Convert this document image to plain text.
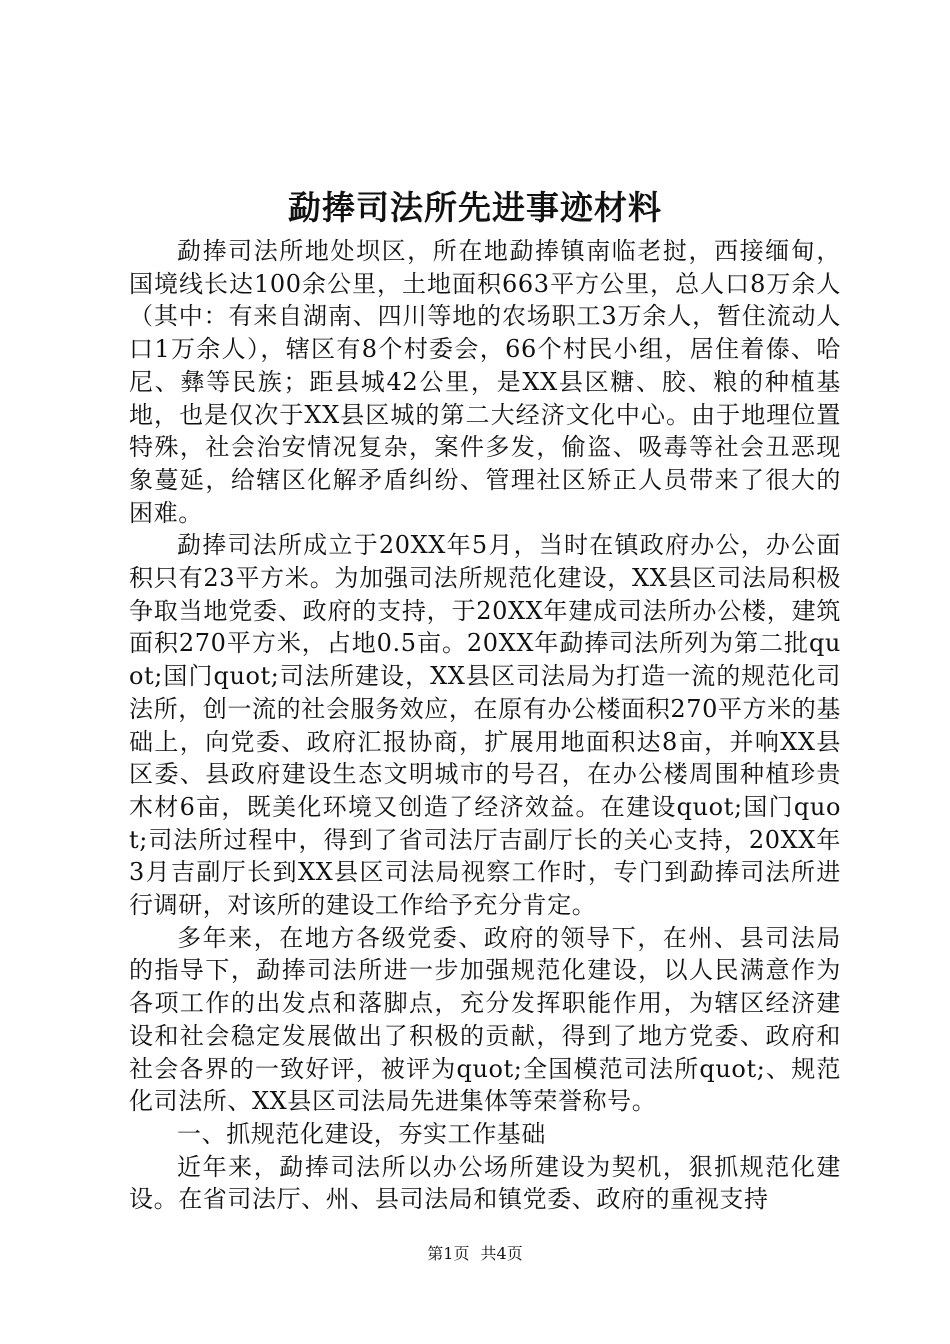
勐捧司法所先进事迹材料

勐捧司法所地处坝区，所在地勐捧镇南临老挝，西接缅甸，国境线长达100余公里，土地面积663平方公里，总人口8万余人（其中：有来自湖南、四川等地的农场职工3万余人，暂住流动人口1万余人），辖区有8个村委会，66个村民小组，居住着傣、哈尼、彝等民族；距县城42公里，是XX县区糖、胶、粮的种植基地，也是仅次于XX县区城的第二大经济文化中心。由于地理位置特殊，社会治安情况复杂，案件多发，偷盗、吸毒等社会丑恶现象蔓延，给辖区化解矛盾纠纷、管理社区矫正人员带来了很大的困难。

勐捧司法所成立于20XX年5月，当时在镇政府办公，办公面积只有23平方米。为加强司法所规范化建设，XX县区司法局积极争取当地党委、政府的支持，于20XX年建成司法所办公楼，建筑面积270平方米，占地0.5亩。20XX年勐捧司法所列为第二批quot;国门quot;司法所建设，XX县区司法局为打造一流的规范化司法所，创一流的社会服务效应，在原有办公楼面积270平方米的基础上，向党委、政府汇报协商，扩展用地面积达8亩，并响XX县区委、县政府建设生态文明城市的号召，在办公楼周围种植珍贵木材6亩，既美化环境又创造了经济效益。在建设quot;国门quot;司法所过程中，得到了省司法厅吉副厅长的关心支持，20XX年3月吉副厅长到XX县区司法局视察工作时，专门到勐捧司法所进行调研，对该所的建设工作给予充分肯定。

多年来，在地方各级党委、政府的领导下，在州、县司法局的指导下，勐捧司法所进一步加强规范化建设，以人民满意作为各项工作的出发点和落脚点，充分发挥职能作用，为辖区经济建设和社会稳定发展做出了积极的贡献，得到了地方党委、政府和社会各界的一致好评，被评为quot;全国模范司法所quot;、规范化司法所、XX县区司法局先进集体等荣誉称号。

一、抓规范化建设，夯实工作基础

近年来，勐捧司法所以办公场所建设为契机，狠抓规范化建设。在省司法厅、州、县司法局和镇党委、政府的重视支持

第1页 共4页
